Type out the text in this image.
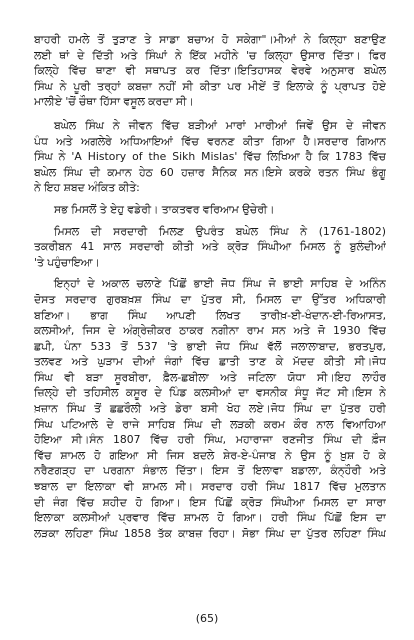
ਬਾਹਰੀ ਹਮਲੇ ਤੋਂ ਤੁੜਾਣ ਤੇ ਸਾਡਾ ਬਚਾਅ ਹੋ ਸਕੇਗਾ"।ਮੀਆਂ ਨੇ ਕਿਲ੍ਹਾ ਬਣਾਉਣ
ਲਈ ਥਾਂ ਦੇ ਦਿੱਤੀ ਅਤੇ ਸਿੰਘਾਂ ਨੇ ਇੱਕ ਮਹੀਨੇ 'ਚ ਕਿਲ੍ਹਾ ਉਸਾਰ ਦਿੱਤਾ। ਫਿਰ
ਕਿਲ੍ਹੇ ਵਿੱਚ ਥਾਣਾ ਵੀ ਸਥਾਪਤ ਕਰ ਦਿੱਤਾ।ਇਤਿਹਾਸਕ ਵੇਰਵੇ ਅਨੁਸਾਰ ਬਘੇਲ
ਸਿੰਘ ਨੇ ਪੂਰੀ ਤਰ੍ਹਾਂ ਕਬਜ਼ਾ ਨਹੀਂ ਸੀ ਕੀਤਾ ਪਰ ਮੀਏਂ ਤੋਂ ਇਲਾਕੇ ਨੂੰ ਪ੍ਰਾਪਤ ਹੋਏ
ਮਾਲੀਏ 'ਚੋਂ ਚੌਥਾ ਹਿੱਸਾ ਵਸੂਲ ਕਰਦਾ ਸੀ।
ਬਘੇਲ ਸਿੰਘ ਨੇ ਜੀਵਨ ਵਿੱਚ ਬੜੀਆਂ ਮਾਰਾਂ ਮਾਰੀਆਂ ਜਿਵੇਂ ਉਸ ਦੇ ਜੀਵਨ
ਪੰਧ ਅਤੇ ਅਗਲੇਰੇ ਅਧਿਆਇਆਂ ਵਿੱਚ ਵਰਨਣ ਕੀਤਾ ਗਿਆ ਹੈ।ਸਰਦਾਰ ਗਿਆਨ
ਸਿੰਘ ਨੇ 'A History of the Sikh Mislas' ਵਿੱਚ ਲਿਖਿਆ ਹੈ ਕਿ 1783 ਵਿੱਚ
ਬਘੇਲ ਸਿੰਘ ਦੀ ਕਮਾਨ ਹੇਠ 60 ਹਜ਼ਾਰ ਸੈਨਿਕ ਸਨ।ਇਸੇ ਕਰਕੇ ਰਤਨ ਸਿੰਘ ਭੰਗੂ
ਨੇ ਇਹ ਸ਼ਬਦ ਅੰਕਿਤ ਕੀਤੇ:
ਸਭ ਮਿਸਲੋਂ ਤੇ ਏਹੁ ਵਡੇਰੀ। ਤਾਕਤਵਰ ਵਰਿਆਮ ਉਚੇਰੀ।
ਮਿਸਲ ਦੀ ਸਰਦਾਰੀ ਮਿਲਣ ਉਪਰੰਤ ਬਘੇਲ ਸਿੰਘ ਨੇ (1761-1802)
ਤਕਰੀਬਨ 41 ਸਾਲ ਸਰਦਾਰੀ ਕੀਤੀ ਅਤੇ ਕ੍ਰੋੜ ਸਿੰਘੀਆ ਮਿਸਲ ਨੂੰ ਬੁਲੰਦੀਆਂ
'ਤੇ ਪਹੁੰਚਾਇਆ।
ਇਨ੍ਹਾਂ ਦੇ ਅਕਾਲ ਚਲਾਣੇ ਪਿੱਛੋਂ ਭਾਈ ਜੋਧ ਸਿੰਘ ਜੋ ਭਾਈ ਸਾਹਿਬ ਦੇ ਅਨਿੰਨ
ਦੋਸਤ ਸਰਦਾਰ ਗੁਰਬਖ਼ਸ਼ ਸਿੰਘ ਦਾ ਪੁੱਤਰ ਸੀ, ਮਿਸਲ ਦਾ ਉੱਤਰ ਅਧਿਕਾਰੀ
ਬਣਿਆ। ਭਾਗ ਸਿੰਘ ਆਪਣੀ ਲਿਖਤ ਤਾਰੀਖ਼-ਈ-ਖੰਦਾਨ-ਈ-ਰਿਆਸਤ,
ਕਲਸੀਆਂ, ਜਿਸ ਦੇ ਅੰਗ੍ਰੇਜ਼ੀਕਰ ਠਾਕਰ ਨਗੀਨਾ ਰਾਮ ਸਨ ਅਤੇ ਜੋ 1930 ਵਿੱਚ
ਛਪੀ, ਪੰਨਾ 533 ਤੋਂ 537 'ਤੇ ਭਾਈ ਜੋਧ ਸਿੰਘ ਵੱਲੋਂ ਜਲਾਲਾਬਾਦ, ਭਰਤਪੁਰ,
ਤਲਵਣ ਅਤੇ ਘੁੜਾਮ ਦੀਆਂ ਜੰਗਾਂ ਵਿੱਚ ਛਾਤੀ ਤਾਣ ਕੇ ਮੱਦਦ ਕੀਤੀ ਸੀ।ਜੋਧ
ਸਿੰਘ ਵੀ ਬੜਾ ਸੂਰਬੀਰਾ, ਫ਼ੈਲ-ਛਬੀਲਾ ਅਤੇ ਜਟਿਲਾ ਯੋਧਾ ਸੀ।ਇਹ ਲਾਹੌਰ
ਜ਼ਿਲ੍ਹੇ ਦੀ ਤਹਿਸੀਲ ਕਸੂਰ ਦੇ ਪਿੰਡ ਕਲਸੀਆਂ ਦਾ ਵਸਨੀਕ ਸੰਧੂ ਜੱਟ ਸੀ।ਇਸ ਨੇ
ਖ਼ਜ਼ਾਨ ਸਿੰਘ ਤੋਂ ਛਛਰੌਲੀ ਅਤੇ ਡੇਰਾ ਬਸੀ ਖੋਹ ਲਏ।ਜੋਧ ਸਿੰਘ ਦਾ ਪੁੱਤਰ ਹਰੀ
ਸਿੰਘ ਪਟਿਆਲੇ ਦੇ ਰਾਜੇ ਸਾਹਿਬ ਸਿੰਘ ਦੀ ਲੜਕੀ ਕਰਮ ਕੌਰ ਨਾਲ ਵਿਆਹਿਆ
ਹੋਇਆ ਸੀ।ਸੰਨ 1807 ਵਿੱਚ ਹਰੀ ਸਿੰਘ, ਮਹਾਰਾਜਾ ਰਣਜੀਤ ਸਿੰਘ ਦੀ ਫ਼ੌਜ
ਵਿੱਚ ਸ਼ਾਮਲ ਹੋ ਗਇਆ ਸੀ ਜਿਸ ਬਦਲੇ ਸ਼ੇਰ-ਏ-ਪੰਜਾਬ ਨੇ ਉਸ ਨੂੰ ਖ਼ੁਸ਼ ਹੋ ਕੇ
ਨਰੈਣਗੜ੍ਹ ਦਾ ਪਰਗਨਾ ਸੰਭਾਲ ਦਿੱਤਾ। ਇਸ ਤੋਂ ਇਲਾਵਾ ਬਡਾਲਾ, ਕੰਨ੍ਹੌਰੀ ਅਤੇ
ਝਬਾਲ ਦਾ ਇਲਾਕਾ ਵੀ ਸ਼ਾਮਲ ਸੀ। ਸਰਦਾਰ ਹਰੀ ਸਿੰਘ 1817 ਵਿੱਚ ਮੁਲਤਾਨ
ਦੀ ਜੰਗ ਵਿੱਚ ਸ਼ਹੀਦ ਹੋ ਗਿਆ। ਇਸ ਪਿੱਛੋਂ ਕ੍ਰੋੜ ਸਿੰਘੀਆ ਮਿਸਲ ਦਾ ਸਾਰਾ
ਇਲਾਕਾ ਕਲਸੀਆਂ ਪ੍ਰਵਾਰ ਵਿੱਚ ਸ਼ਾਮਲ ਹੋ ਗਿਆ। ਹਰੀ ਸਿੰਘ ਪਿੱਛੋਂ ਇਸ ਦਾ
ਲੜਕਾ ਲਹਿਣਾ ਸਿੰਘ 1858 ਤੱਕ ਕਾਬਜ਼ ਰਿਹਾ। ਸੋਭਾ ਸਿੰਘ ਦਾ ਪੁੱਤਰ ਲਹਿਣਾ ਸਿੰਘ
(65)
